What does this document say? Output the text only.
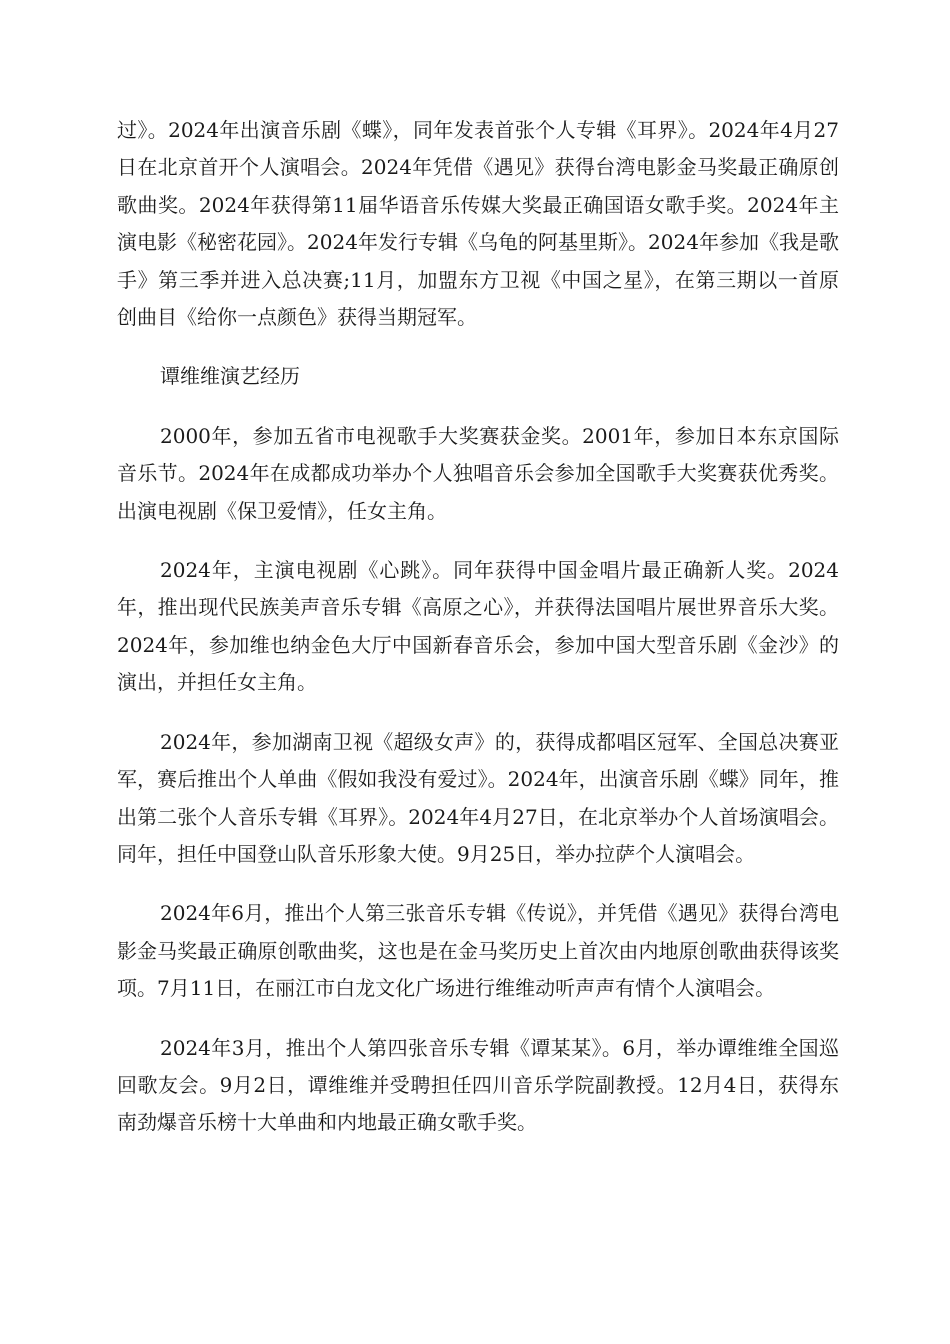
过》。2024年出演音乐剧《蝶》，同年发表首张个人专辑《耳界》。2024年4月27日在北京首开个人演唱会。2024年凭借《遇见》获得台湾电影金马奖最正确原创歌曲奖。2024年获得第11届华语音乐传媒大奖最正确国语女歌手奖。2024年主演电影《秘密花园》。2024年发行专辑《乌龟的阿基里斯》。2024年参加《我是歌手》第三季并进入总决赛;11月，加盟东方卫视《中国之星》，在第三期以一首原创曲目《给你一点颜色》获得当期冠军。

谭维维演艺经历

2000年，参加五省市电视歌手大奖赛获金奖。2001年，参加日本东京国际音乐节。2024年在成都成功举办个人独唱音乐会参加全国歌手大奖赛获优秀奖。出演电视剧《保卫爱情》，任女主角。

2024年，主演电视剧《心跳》。同年获得中国金唱片最正确新人奖。2024年，推出现代民族美声音乐专辑《高原之心》，并获得法国唱片展世界音乐大奖。2024年，参加维也纳金色大厅中国新春音乐会，参加中国大型音乐剧《金沙》的演出，并担任女主角。

2024年，参加湖南卫视《超级女声》的，获得成都唱区冠军、全国总决赛亚军，赛后推出个人单曲《假如我没有爱过》。2024年，出演音乐剧《蝶》同年，推出第二张个人音乐专辑《耳界》。2024年4月27日，在北京举办个人首场演唱会。同年，担任中国登山队音乐形象大使。9月25日，举办拉萨个人演唱会。

2024年6月，推出个人第三张音乐专辑《传说》，并凭借《遇见》获得台湾电影金马奖最正确原创歌曲奖，这也是在金马奖历史上首次由内地原创歌曲获得该奖项。7月11日，在丽江市白龙文化广场进行维维动听声声有情个人演唱会。

2024年3月，推出个人第四张音乐专辑《谭某某》。6月，举办谭维维全国巡回歌友会。9月2日，谭维维并受聘担任四川音乐学院副教授。12月4日，获得东南劲爆音乐榜十大单曲和内地最正确女歌手奖。
